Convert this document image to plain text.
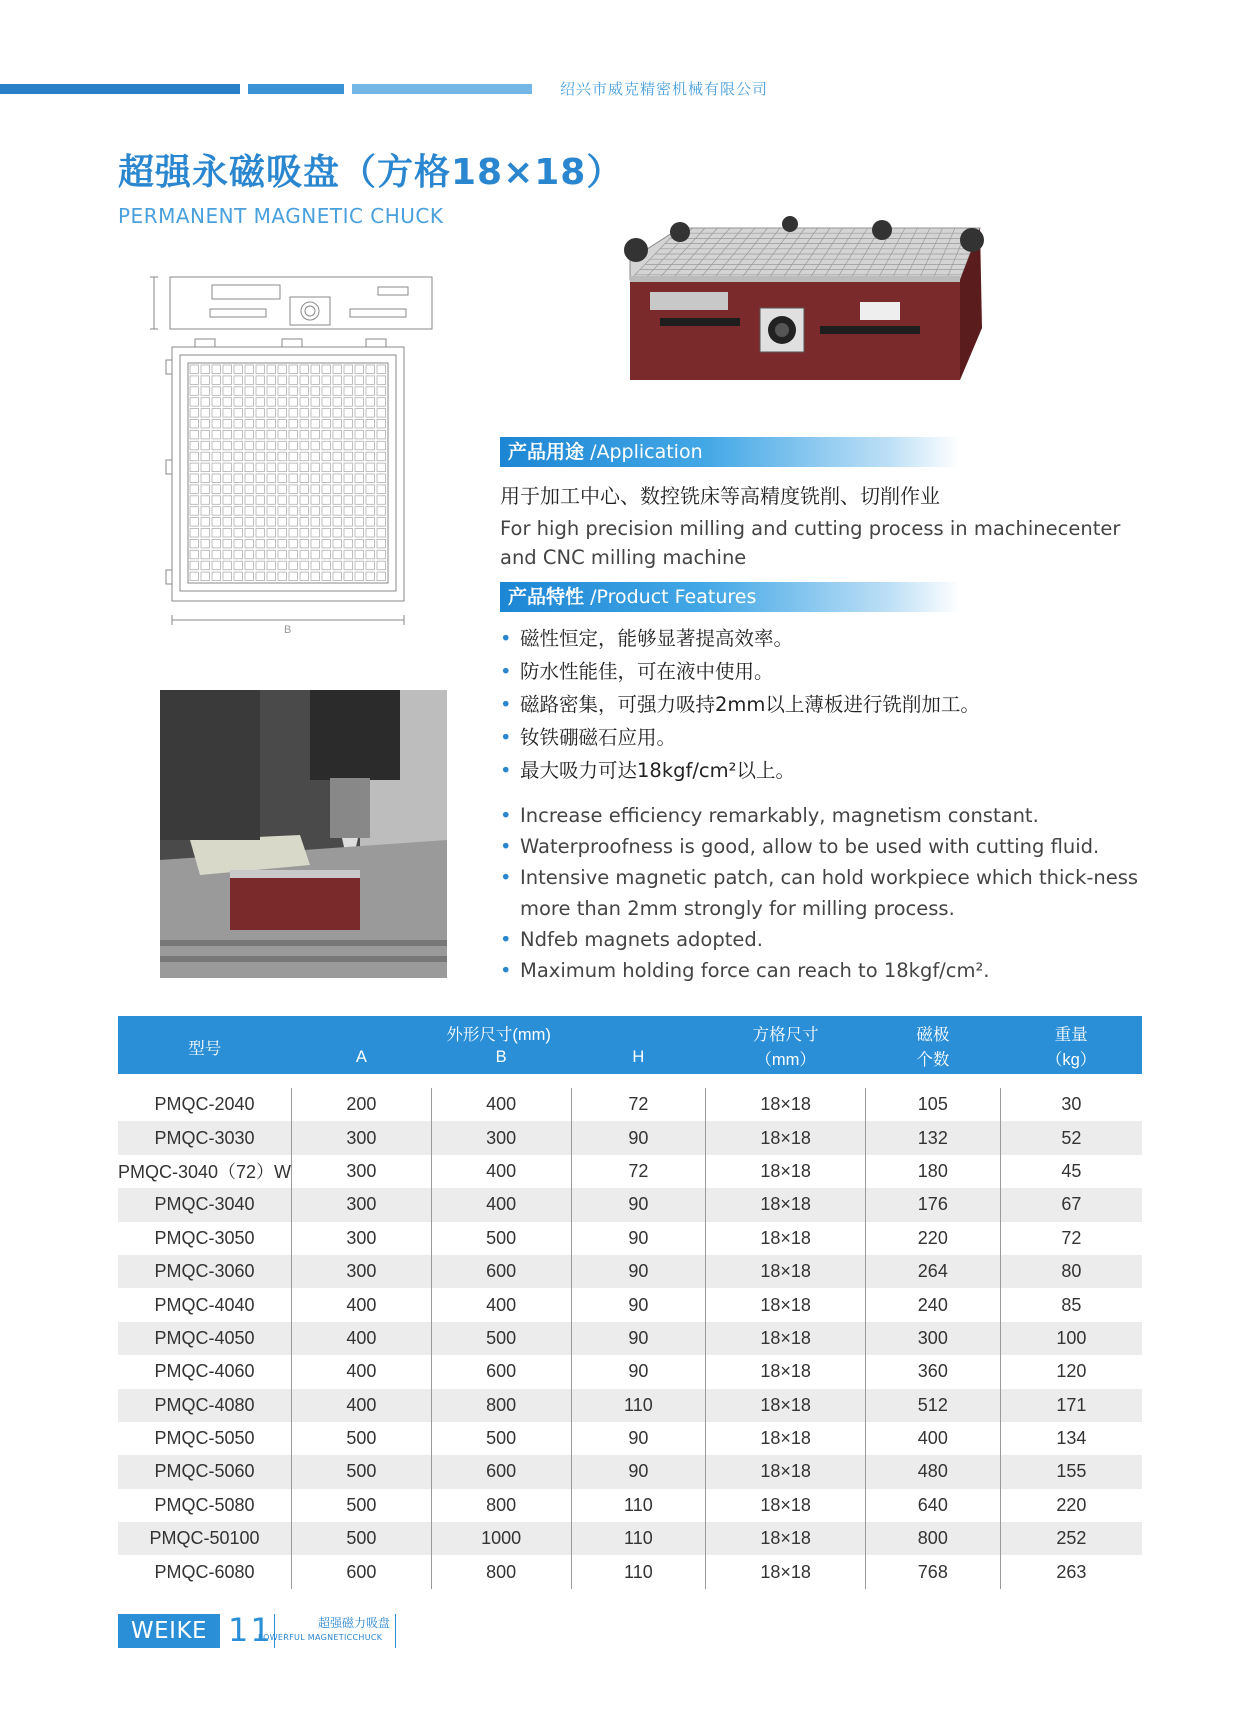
绍兴市威克精密机械有限公司
超强永磁吸盘（方格18×18）
PERMANENT MAGNETIC CHUCK
B
产品用途 /Application
用于加工中心、数控铣床等高精度铣削、切削作业
For high precision milling and cutting process in machinecenter and CNC milling machine
产品特性 /Product Features
• 磁性恒定，能够显著提高效率。
• 防水性能佳，可在液中使用。
• 磁路密集，可强力吸持2mm以上薄板进行铣削加工。
• 钕铁硼磁石应用。
• 最大吸力可达18kgf/cm²以上。
• Increase efficiency remarkably, magnetism constant.
• Waterproofness is good, allow to be used with cutting fluid.
• Intensive magnetic patch, can hold workpiece which thick-ness more than 2mm strongly for milling process.
• Ndfeb magnets adopted.
• Maximum holding force can reach to 18kgf/cm².
型号	外形尺寸(mm)			方格尺寸	磁极	重量
	A	B	H	（mm）	个数	（kg）

PMQC-2040	200	400	72	18×18	105	30
PMQC-3030	300	300	90	18×18	132	52
PMQC-3040（72）W	300	400	72	18×18	180	45
PMQC-3040	300	400	90	18×18	176	67
PMQC-3050	300	500	90	18×18	220	72
PMQC-3060	300	600	90	18×18	264	80
PMQC-4040	400	400	90	18×18	240	85
PMQC-4050	400	500	90	18×18	300	100
PMQC-4060	400	600	90	18×18	360	120
PMQC-4080	400	800	110	18×18	512	171
PMQC-5050	500	500	90	18×18	400	134
PMQC-5060	500	600	90	18×18	480	155
PMQC-5080	500	800	110	18×18	640	220
PMQC-50100	500	1000	110	18×18	800	252
PMQC-6080	600	800	110	18×18	768	263
WEIKE 11	超强磁力吸盘
POWERFUL MAGNETICCHUCK
